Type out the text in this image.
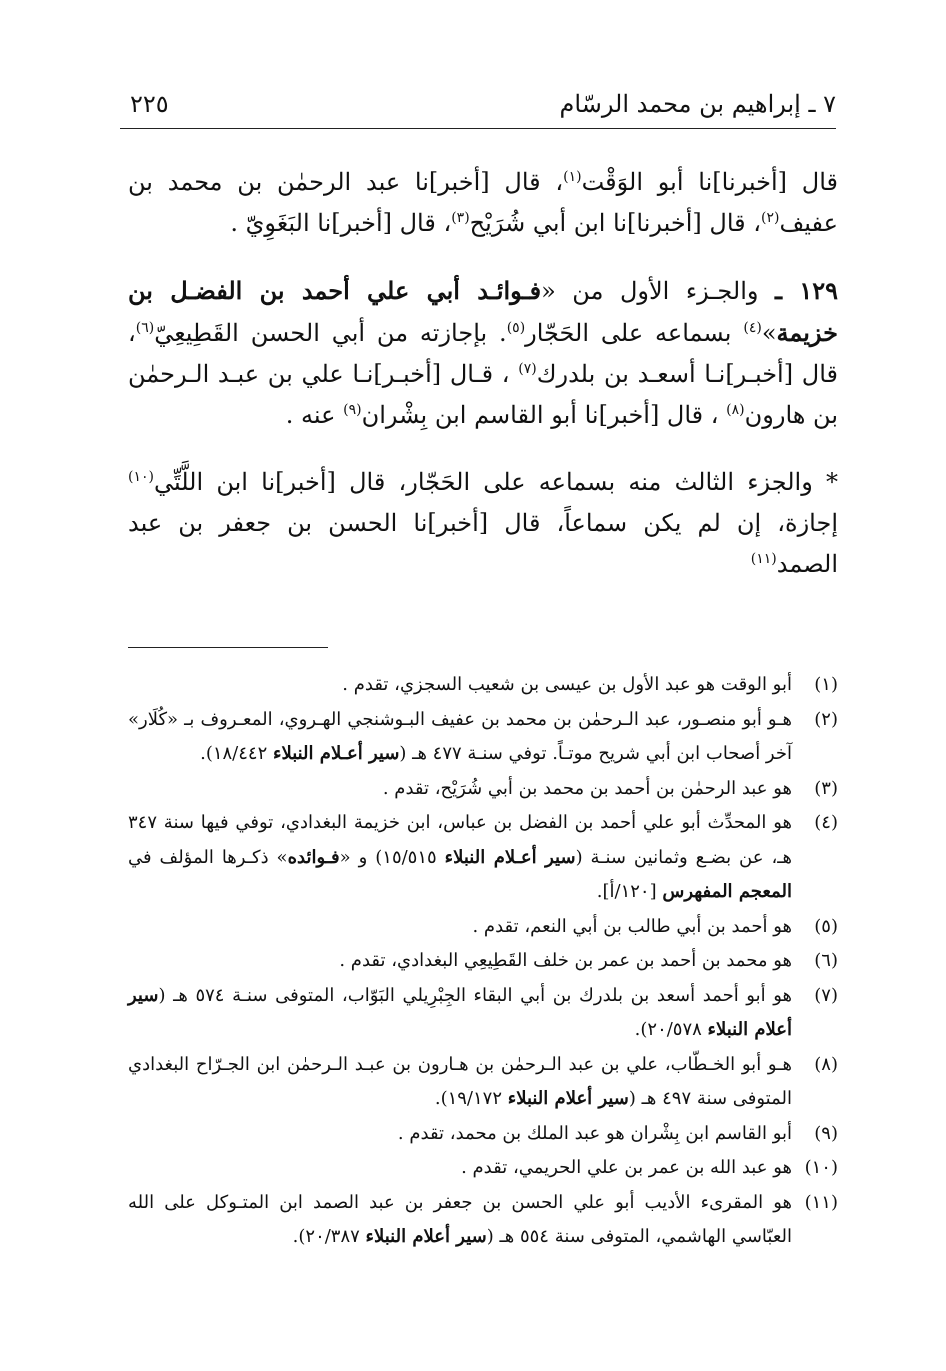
٧ ـ إبراهيم بن محمد الرسّام
٢٢٥

قال [أخبرنا]نا أبو الوَقْت$^{(١)}$، قال [أخبر]نا عبد الرحمٰن بن محمد بن عفيف$^{(٢)}$، قال [أخبرنا]نا ابن أبي شُرَيْح$^{(٣)}$، قال [أخبر]نا البَغَوِيّ .

١٢٩ ـ والجـزء الأول من «فـوائـد أبي علي أحمد بن الفضـل بن خزيمة»$^{(٤)}$ بسماعه على الحَجّار$^{(٥)}$. بإجازته من أبي الحسن القَطِيعِيّ$^{(٦)}$، قال [أخبـر]نـا أسعـد بن بلدرك$^{(٧)}$ ، قـال [أخبـر]نـا علي بن عبـد الـرحمٰن بن هارون$^{(٨)}$ ، قال [أخبر]نا أبو القاسم ابن بِشْران$^{(٩)}$ عنه .

* والجزء الثالث منه بسماعه على الحَجّار، قال [أخبر]نا ابن اللَّتِّي$^{(١٠)}$ إجازة، إن لم يكن سماعاً، قال [أخبر]نا الحسن بن جعفر بن عبد الصمد$^{(١١)}$

(١)
أبو الوقت هو عبد الأول بن عيسى بن شعيب السجزي، تقدم .
(٢)
هـو أبو منصـور، عبد الـرحمٰن بن محمد بن عفيف البـوشنجي الهـروي، المعـروف بـ «كُلَار» آخر أصحاب ابن أبي شريح موتـاً. توفي سنـة ٤٧٧ هـ (سير أعـلام النبلاء ١٨/٤٤٢).
(٣)
هو عبد الرحمٰن بن أحمد بن محمد بن أبي شُرَيْح، تقدم .
(٤)
هو المحدِّث أبو علي أحمد بن الفضل بن عباس، ابن خزيمة البغدادي، توفي فيها سنة ٣٤٧ هـ، عن بضـع وثمانين سنـة (سير أعـلام النبلاء ١٥/٥١٥) و «فـوائده» ذكـرها المؤلف في المعجم المفهرس [١٢٠/أ].
(٥)
هو أحمد بن أبي طالب بن أبي النعم، تقدم .
(٦)
هو محمد بن أحمد بن عمر بن خلف القَطِيعِي البغدادي، تقدم .
(٧)
هو أبو أحمد أسعد بن بلدرك بن أبي البقاء الجِبْرِيلي البَوّاب، المتوفى سنـة ٥٧٤ هـ (سير أعلام النبلاء ٢٠/٥٧٨).
(٨)
هـو أبو الخـطّاب، علي بن عبد الـرحمٰن بن هـارون بن عبـد الـرحمٰن ابن الجـرّاح البغدادي المتوفى سنة ٤٩٧ هـ (سير أعلام النبلاء ١٩/١٧٢).
(٩)
أبو القاسم ابن بِشْران هو عبد الملك بن محمد، تقدم .
(١٠)
هو عبد الله بن عمر بن علي الحريمي، تقدم .
(١١)
هو المقرىء الأديب أبو علي الحسن بن جعفر بن عبد الصمد ابن المتـوكل على الله العبّاسي الهاشمي، المتوفى سنة ٥٥٤ هـ (سير أعلام النبلاء ٢٠/٣٨٧).
